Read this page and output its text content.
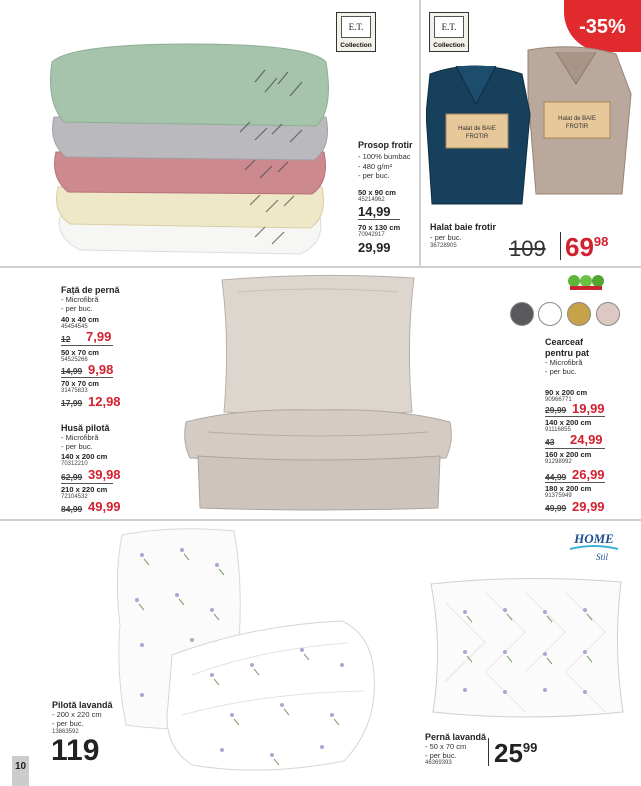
E.T.
Collection
Prosop frotir
- 100% bumbac
- 480 g/m²
- per buc.
50 x 90 cm
45214962
14,99
70 x 130 cm
70942917
29,99
E.T.
Collection
-35%
Halat de BAIE
FROTIR
Halat de BAIE
FROTIR
Halat baie frotir
- per buc.
36728905 109 $69^{98}$
Față de pernă
- Microfibră
- per buc.
40 x 40 cm
45454545
12 7,99
50 x 70 cm
54525266
14,99 9,98
70 x 70 cm
31475833
17,99 12,98
Husă pilotă
- Microfibră
- per buc.
140 x 200 cm
70312210
62,99 39,98
210 x 220 cm
72104532
84,99 49,99
Cearceaf pentru pat
- Microfibră
- per buc.
90 x 200 cm
90966771
29,99 19,99
140 x 200 cm
91116855
43 24,99
160 x 200 cm
91298992
44,99 26,99
180 x 200 cm
91375949
49,99 29,99
Pilotă lavandă
- 200 x 220 cm
- per buc.
13863592
119
HOME
Stil
Pernă lavandă
- 50 x 70 cm
- per buc.
46369393 $25^{99}$
10
